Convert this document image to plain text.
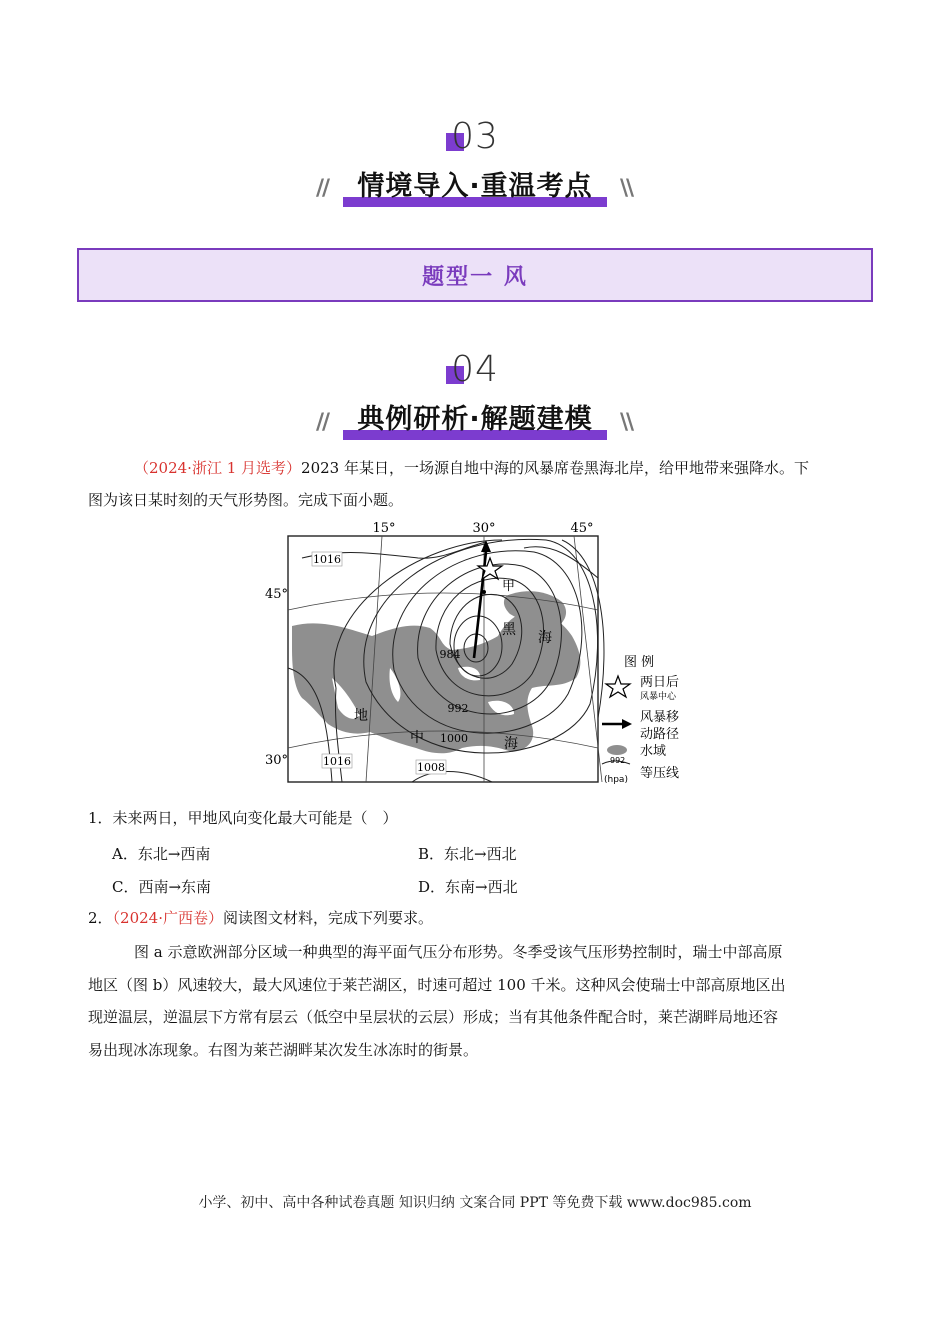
03
//	\\
情境导入·重温考点
题型一 风
04
//	\\
典例研析·解题建模
（2024·浙江 1 月选考）2023 年某日，一场源自地中海的风暴席卷黑海北岸，给甲地带来强降水。下
图为该日某时刻的天气形势图。完成下面小题。
15°	30°	45°
45°
30°
1016
984
992
1000
1016	1008
甲
黑 海
地
中	海
图 例
两日后
风暴中心
风暴移
动路径
水域
992
(hpa) 等压线
1．未来两日，甲地风向变化最大可能是（　）
A．东北→西南	B．东北→西北
C．西南→东南	D．东南→西北
2．（2024·广西卷）阅读图文材料，完成下列要求。
图 a 示意欧洲部分区域一种典型的海平面气压分布形势。冬季受该气压形势控制时，瑞士中部高原
地区（图 b）风速较大，最大风速位于莱芒湖区，时速可超过 100 千米。这种风会使瑞士中部高原地区出
现逆温层，逆温层下方常有层云（低空中呈层状的云层）形成；当有其他条件配合时，莱芒湖畔局地还容
易出现冰冻现象。右图为莱芒湖畔某次发生冰冻时的街景。
小学、初中、高中各种试卷真题 知识归纳 文案合同 PPT 等免费下载 www.doc985.com
